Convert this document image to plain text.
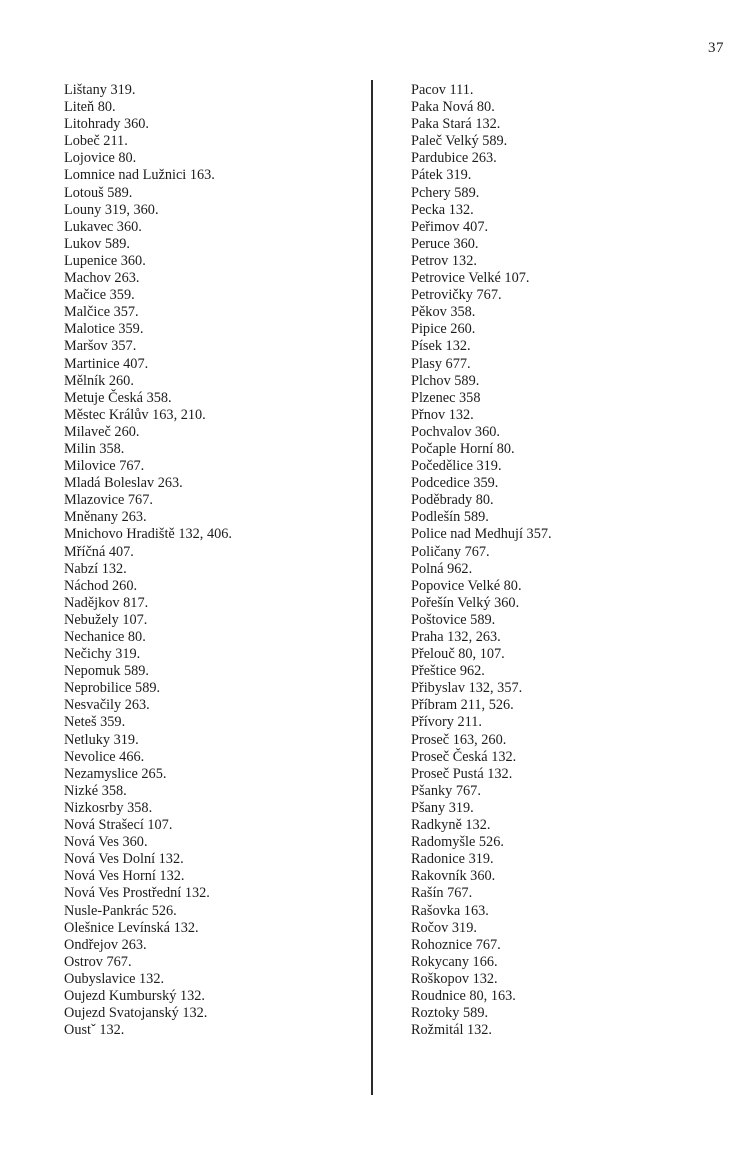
37
Lištany 319.
Liteň 80.
Litohrady 360.
Lobeč 211.
Lojovice 80.
Lomnice nad Lužnici 163.
Lotouš 589.
Louny 319, 360.
Lukavec 360.
Lukov 589.
Lupenice 360.
Machov 263.
Mačice 359.
Malčice 357.
Malotice 359.
Maršov 357.
Martinice 407.
Mělník 260.
Metuje Česká 358.
Městec Králův 163, 210.
Milaveč 260.
Milin 358.
Milovice 767.
Mladá Boleslav 263.
Mlazovice 767.
Mněnany 263.
Mnichovo Hradiště 132, 406.
Mříčná 407.
Nabzí 132.
Náchod 260.
Nadějkov 817.
Nebužely 107.
Nechanice 80.
Nečichy 319.
Nepomuk 589.
Neprobilice 589.
Nesvačily 263.
Neteš 359.
Netluky 319.
Nevolice 466.
Nezamyslice 265.
Nizké 358.
Nizkosrby 358.
Nová Strašecí 107.
Nová Ves 360.
Nová Ves Dolní 132.
Nová Ves Horní 132.
Nová Ves Prostřední 132.
Nusle-Pankrác 526.
Olešnice Levínská 132.
Ondřejov 263.
Ostrov 767.
Oubyslavice 132.
Oujezd Kumburský 132.
Oujezd Svatojanský 132.
Oustˇ 132.
Pacov 111.
Paka Nová 80.
Paka Stará 132.
Paleč Velký 589.
Pardubice 263.
Pátek 319.
Pchery 589.
Pecka 132.
Peřimov 407.
Peruce 360.
Petrov 132.
Petrovice Velké 107.
Petrovičky 767.
Pěkov 358.
Pipice 260.
Písek 132.
Plasy 677.
Plchov 589.
Plzenec 358
Přnov 132.
Pochvalov 360.
Počaple Horní 80.
Počedělice 319.
Podcedice 359.
Poděbrady 80.
Podlešín 589.
Police nad Medhují 357.
Poličany 767.
Polná 962.
Popovice Velké 80.
Pořešín Velký 360.
Poštovice 589.
Praha 132, 263.
Přelouč 80, 107.
Přeštice 962.
Přibyslav 132, 357.
Příbram 211, 526.
Přívory 211.
Proseč 163, 260.
Proseč Česká 132.
Proseč Pustá 132.
Pšanky 767.
Pšany 319.
Radkyně 132.
Radomyšle 526.
Radonice 319.
Rakovník 360.
Rašín 767.
Rašovka 163.
Ročov 319.
Rohoznice 767.
Rokycany 166.
Roškopov 132.
Roudnice 80, 163.
Roztoky 589.
Rožmitál 132.
